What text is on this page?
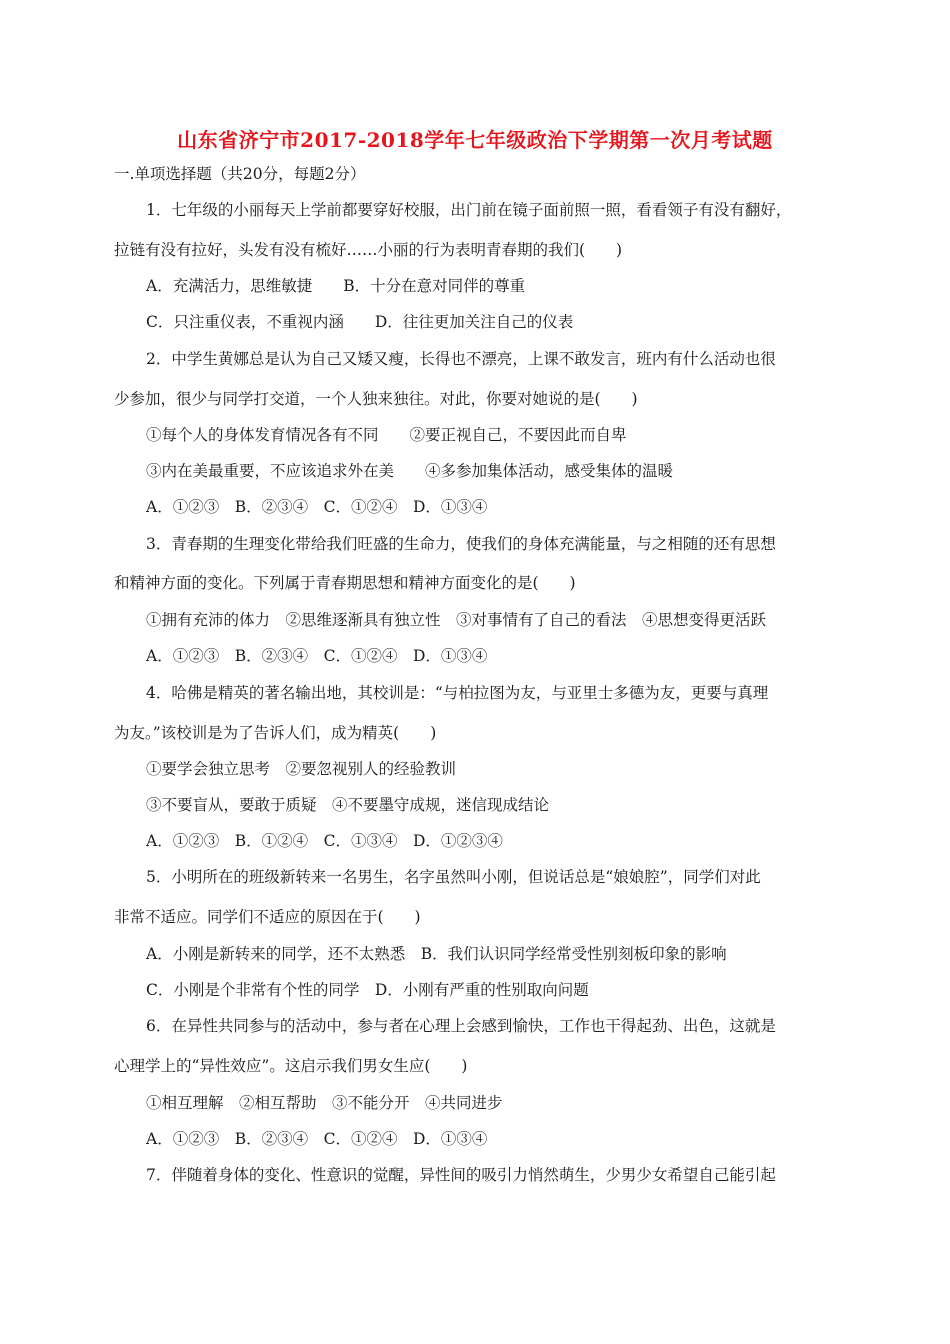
山东省济宁市2017-2018学年七年级政治下学期第一次月考试题
一.单项选择题（共20分，每题2分）
1．七年级的小丽每天上学前都要穿好校服，出门前在镜子面前照一照，看看领子有没有翻好，
拉链有没有拉好，头发有没有梳好……小丽的行为表明青春期的我们(　　)
A．充满活力，思维敏捷　　B．十分在意对同伴的尊重
C．只注重仪表，不重视内涵　　D．往往更加关注自己的仪表
2．中学生黄娜总是认为自己又矮又瘦，长得也不漂亮，上课不敢发言，班内有什么活动也很
少参加，很少与同学打交道，一个人独来独往。对此，你要对她说的是(　　)
①每个人的身体发育情况各有不同　　②要正视自己，不要因此而自卑
③内在美最重要，不应该追求外在美　　④多参加集体活动，感受集体的温暖
A．①②③　B．②③④　C．①②④　D．①③④
3．青春期的生理变化带给我们旺盛的生命力，使我们的身体充满能量，与之相随的还有思想
和精神方面的变化。下列属于青春期思想和精神方面变化的是(　　)
①拥有充沛的体力　②思维逐渐具有独立性　③对事情有了自己的看法　④思想变得更活跃
A．①②③　B．②③④　C．①②④　D．①③④
4．哈佛是精英的著名输出地，其校训是：“与柏拉图为友，与亚里士多德为友，更要与真理
为友。”该校训是为了告诉人们，成为精英(　　)
①要学会独立思考　②要忽视别人的经验教训
③不要盲从，要敢于质疑　④不要墨守成规，迷信现成结论
A．①②③　B．①②④　C．①③④　D．①②③④
5．小明所在的班级新转来一名男生，名字虽然叫小刚，但说话总是“娘娘腔”，同学们对此
非常不适应。同学们不适应的原因在于(　　)
A．小刚是新转来的同学，还不太熟悉　B．我们认识同学经常受性别刻板印象的影响
C．小刚是个非常有个性的同学　D．小刚有严重的性别取向问题
6．在异性共同参与的活动中，参与者在心理上会感到愉快，工作也干得起劲、出色，这就是
心理学上的“异性效应”。这启示我们男女生应(　　)
①相互理解　②相互帮助　③不能分开　④共同进步
A．①②③　B．②③④　C．①②④　D．①③④
7．伴随着身体的变化、性意识的觉醒，异性间的吸引力悄然萌生，少男少女希望自己能引起
